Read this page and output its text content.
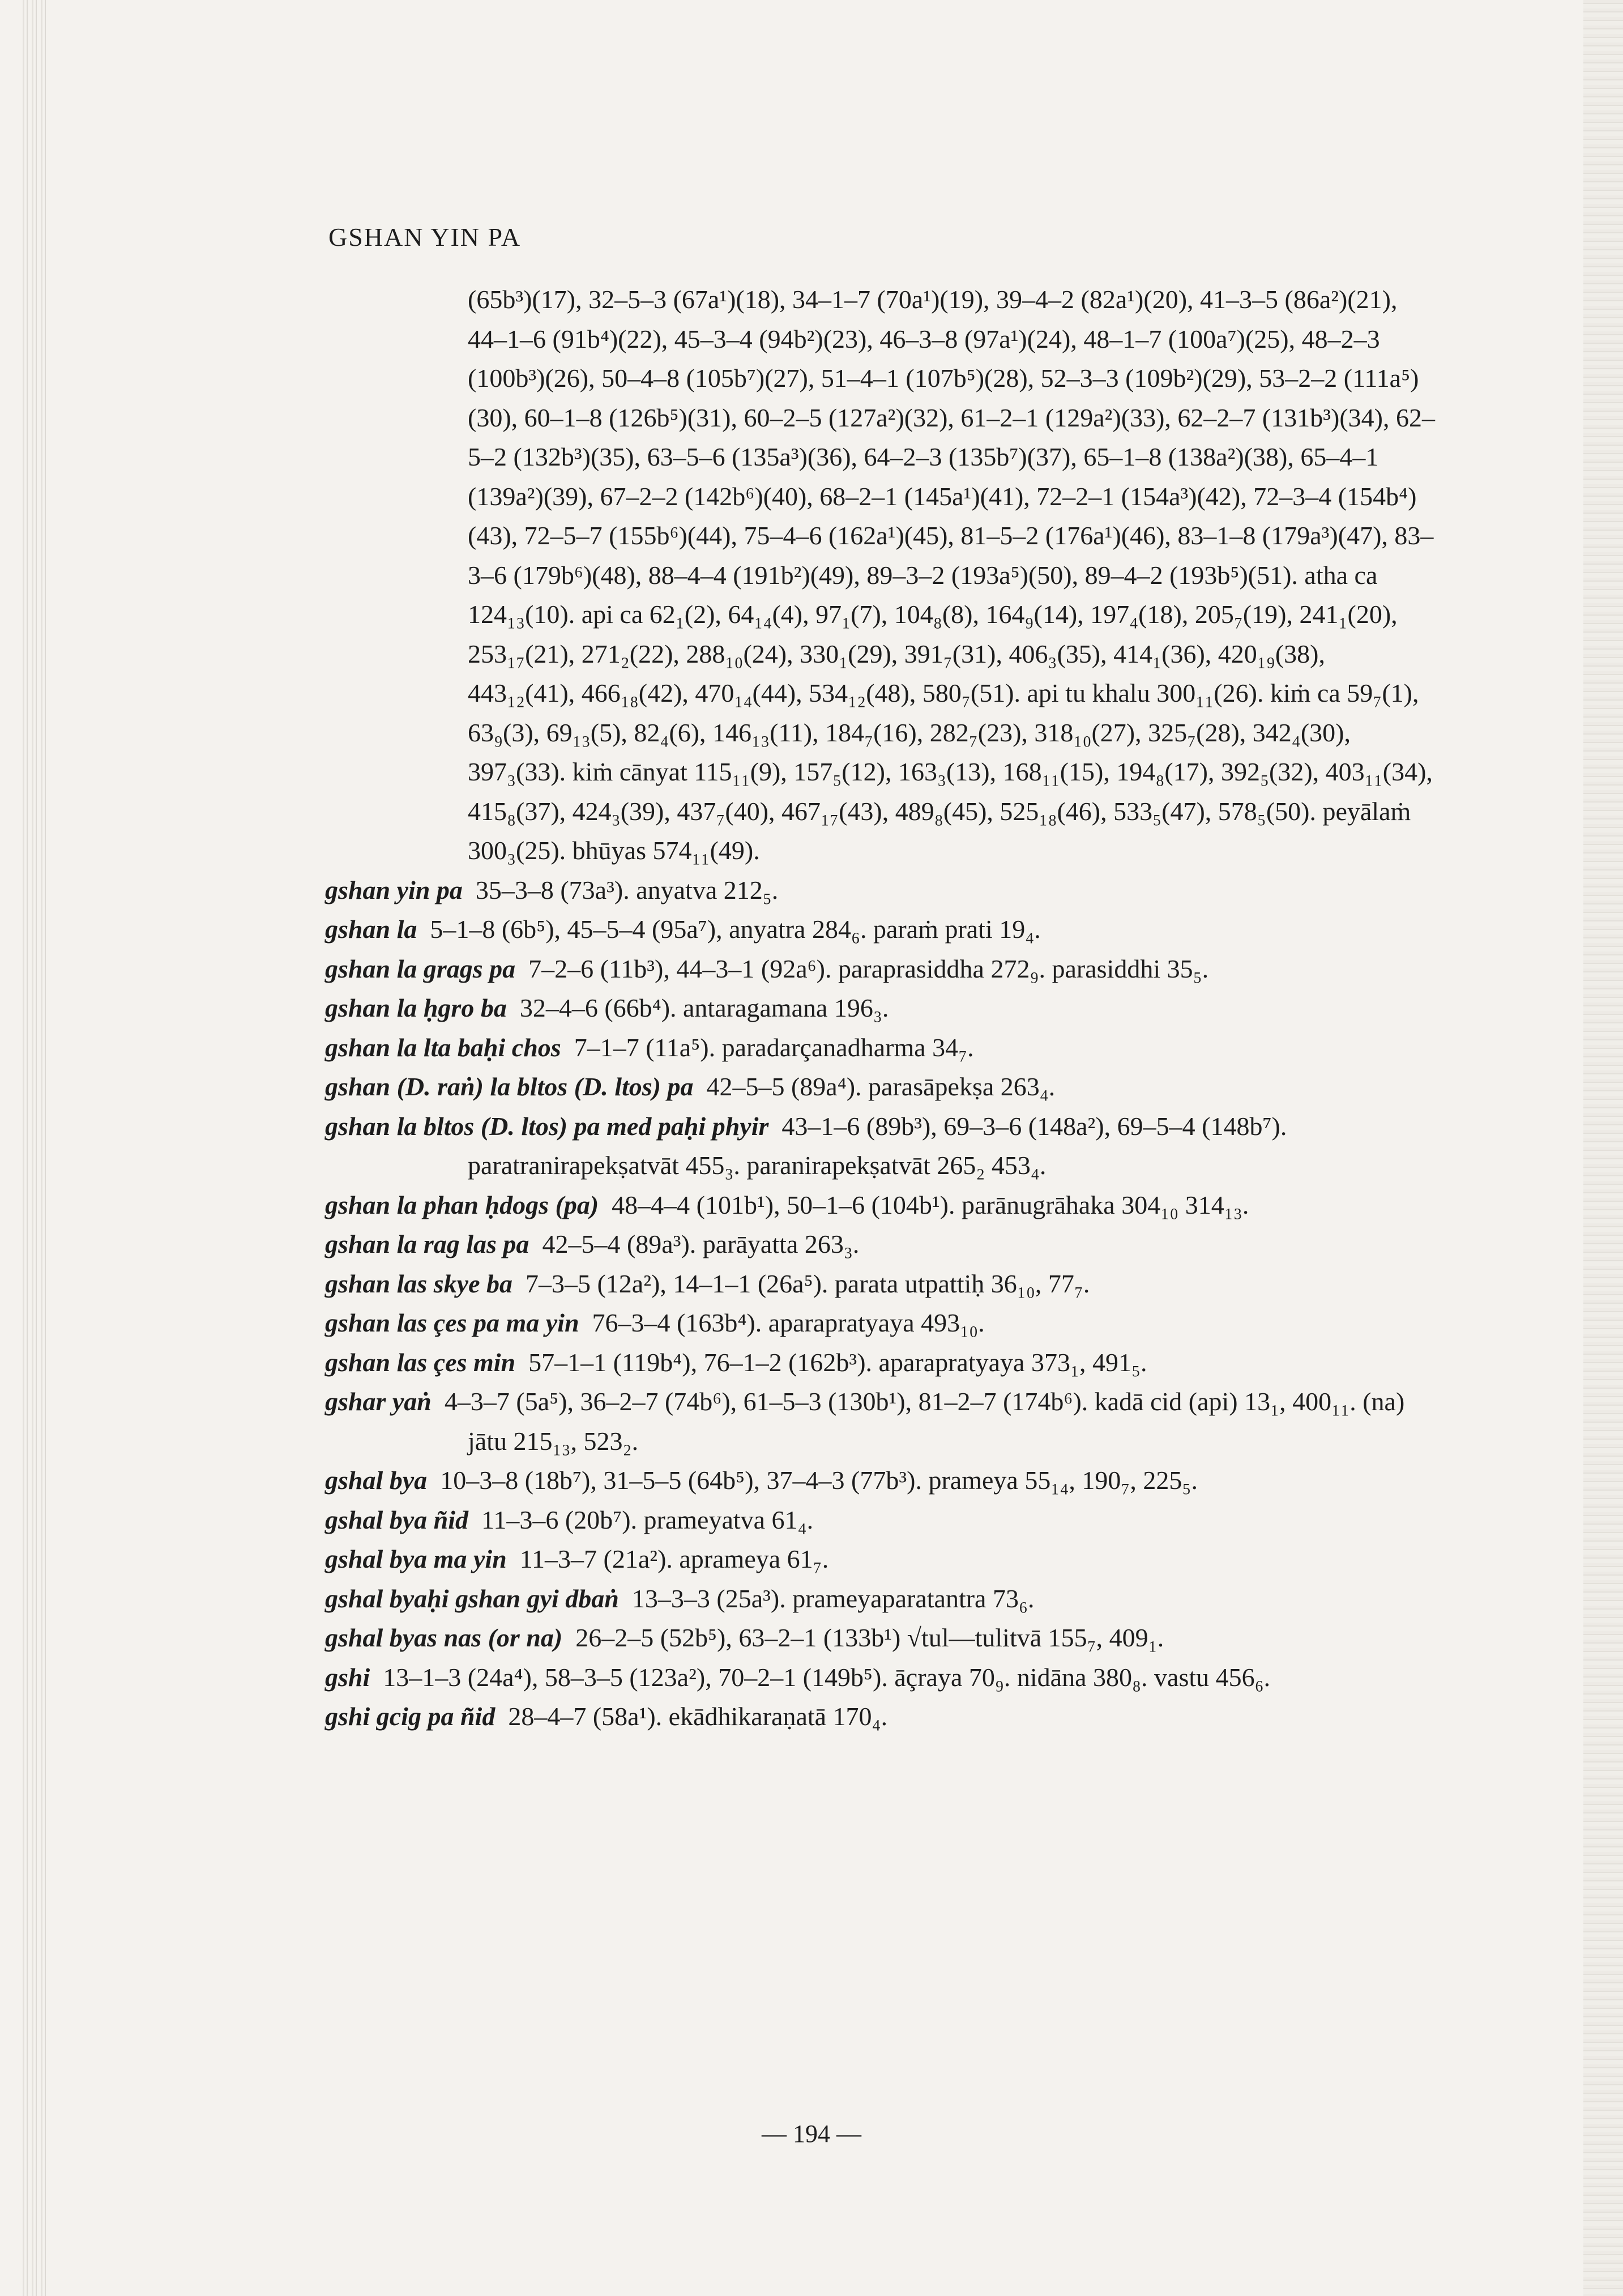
GSHAN YIN PA

(65b³)(17), 32–5–3 (67a¹)(18), 34–1–7 (70a¹)(19), 39–4–2 (82a¹)(20), 41–3–5 (86a²)(21), 44–1–6 (91b⁴)(22), 45–3–4 (94b²)(23), 46–3–8 (97a¹)(24), 48–1–7 (100a⁷)(25), 48–2–3 (100b³)(26), 50–4–8 (105b⁷)(27), 51–4–1 (107b⁵)(28), 52–3–3 (109b²)(29), 53–2–2 (111a⁵)(30), 60–1–8 (126b⁵)(31), 60–2–5 (127a²)(32), 61–2–1 (129a²)(33), 62–2–7 (131b³)(34), 62–5–2 (132b³)(35), 63–5–6 (135a³)(36), 64–2–3 (135b⁷)(37), 65–1–8 (138a²)(38), 65–4–1 (139a²)(39), 67–2–2 (142b⁶)(40), 68–2–1 (145a¹)(41), 72–2–1 (154a³)(42), 72–3–4 (154b⁴)(43), 72–5–7 (155b⁶)(44), 75–4–6 (162a¹)(45), 81–5–2 (176a¹)(46), 83–1–8 (179a³)(47), 83–3–6 (179b⁶)(48), 88–4–4 (191b²)(49), 89–3–2 (193a⁵)(50), 89–4–2 (193b⁵)(51). atha ca 124₁₃(10). api ca 62₁(2), 64₁₄(4), 97₁(7), 104₈(8), 164₉(14), 197₄(18), 205₇(19), 241₁(20), 253₁₇(21), 271₂(22), 288₁₀(24), 330₁(29), 391₇(31), 406₃(35), 414₁(36), 420₁₉(38), 443₁₂(41), 466₁₈(42), 470₁₄(44), 534₁₂(48), 580₇(51). api tu khalu 300₁₁(26). kiṁ ca 59₇(1), 63₉(3), 69₁₃(5), 82₄(6), 146₁₃(11), 184₇(16), 282₇(23), 318₁₀(27), 325₇(28), 342₄(30), 397₃(33). kiṁ cānyat 115₁₁(9), 157₅(12), 163₃(13), 168₁₁(15), 194₈(17), 392₅(32), 403₁₁(34), 415₈(37), 424₃(39), 437₇(40), 467₁₇(43), 489₈(45), 525₁₈(46), 533₅(47), 578₅(50). peyālaṁ 300₃(25). bhūyas 574₁₁(49).

gshan yin pa 35–3–8 (73a³). anyatva 212₅.

gshan la 5–1–8 (6b⁵), 45–5–4 (95a⁷), anyatra 284₆. paraṁ prati 19₄.

gshan la grags pa 7–2–6 (11b³), 44–3–1 (92a⁶). paraprasiddha 272₉. parasiddhi 35₅.

gshan la ḥgro ba 32–4–6 (66b⁴). antaragamana 196₃.

gshan la lta baḥi chos 7–1–7 (11a⁵). paradarçanadharma 34₇.

gshan (D. raṅ) la bltos (D. ltos) pa 42–5–5 (89a⁴). parasāpekṣa 263₄.

gshan la bltos (D. ltos) pa med paḥi phyir 43–1–6 (89b³), 69–3–6 (148a²), 69–5–4 (148b⁷). paratranirapekṣatvāt 455₃. paranirapekṣatvāt 265₂ 453₄.

gshan la phan ḥdogs (pa) 48–4–4 (101b¹), 50–1–6 (104b¹). parānugrāhaka 304₁₀ 314₁₃.

gshan la rag las pa 42–5–4 (89a³). parāyatta 263₃.

gshan las skye ba 7–3–5 (12a²), 14–1–1 (26a⁵). parata utpattiḥ 36₁₀, 77₇.

gshan las çes pa ma yin 76–3–4 (163b⁴). aparapratyaya 493₁₀.

gshan las çes min 57–1–1 (119b⁴), 76–1–2 (162b³). aparapratyaya 373₁, 491₅.

gshar yaṅ 4–3–7 (5a⁵), 36–2–7 (74b⁶), 61–5–3 (130b¹), 81–2–7 (174b⁶). kadā cid (api) 13₁, 400₁₁. (na) jātu 215₁₃, 523₂.

gshal bya 10–3–8 (18b⁷), 31–5–5 (64b⁵), 37–4–3 (77b³). prameya 55₁₄, 190₇, 225₅.

gshal bya ñid 11–3–6 (20b⁷). prameyatva 61₄.

gshal bya ma yin 11–3–7 (21a²). aprameya 61₇.

gshal byaḥi gshan gyi dbaṅ 13–3–3 (25a³). prameyaparatantra 73₆.

gshal byas nas (or na) 26–2–5 (52b⁵), 63–2–1 (133b¹) √tul—tulitvā 155₇, 409₁.

gshi 13–1–3 (24a⁴), 58–3–5 (123a²), 70–2–1 (149b⁵). āçraya 70₉. nidāna 380₈. vastu 456₆.

gshi gcig pa ñid 28–4–7 (58a¹). ekādhikaraṇatā 170₄.

— 194 —
